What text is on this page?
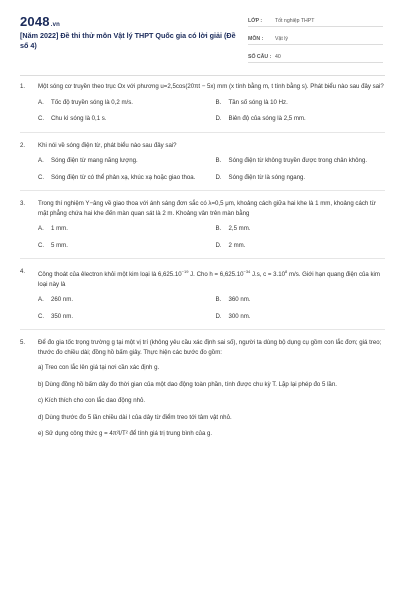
2048.vn
[Năm 2022] Đề thi thử môn Vật lý THPT Quốc gia có lời giải (Đề số 4)
LỚP :	Tốt nghiệp THPT
MÔN :	Vật lý
SỐ CÂU : 40
1.	Một sóng cơ truyền theo trục Ox với phương u=2,5cos(20πt − 5x) mm (x tính bằng m, t tính bằng s). Phát biểu nào sau đây sai?
A.	Tốc độ truyền sóng là 0,2 m/s.	B.	Tần số sóng là 10 Hz.
C.	Chu kì sóng là 0,1 s.	D.	Biên độ của sóng là 2,5 mm.
2.	Khi nói về sóng điện từ, phát biểu nào sau đây sai?
A.	Sóng điện từ mang năng lượng.	B.	Sóng điện từ không truyền được trong chân không.
C.	Sóng điện từ có thể phản xạ, khúc xạ hoặc giao thoa.	D.	Sóng điện từ là sóng ngang.
3.	Trong thí nghiệm Y−âng về giao thoa với ánh sáng đơn sắc có λ=0,5 μm, khoảng cách giữa hai khe là 1 mm, khoảng cách từ mặt phẳng chứa hai khe đến màn quan sát là 2 m. Khoảng vân trên màn bằng
A.	1 mm.	B.	2,5 mm.
C.	5 mm.	D.	2 mm.
4.	Công thoát của êlectron khỏi một kim loại là $6,625.10^{-19}$ J. Cho $h = 6,625.10^{-34}$ J.s, $c = 3.10^8$ m/s. Giới hạn quang điện của kim loại này là
A.	260 nm.	B.	360 nm.
C.	350 nm.	D.	300 nm.
5.	Để đo gia tốc trọng trường g tại một vị trí (không yêu cầu xác định sai số), người ta dùng bộ dụng cụ gồm con lắc đơn; giá treo; thước đo chiều dài; đồng hồ bấm giây. Thực hiện các bước đo gồm:
a) Treo con lắc lên giá tại nơi cần xác định g.
b) Dùng đồng hồ bấm dây đo thời gian của một dao động toàn phần, tính được chu kỳ T. Lặp lại phép đo 5 lần.
c) Kích thích cho con lắc dao động nhỏ.
d) Dùng thước đo 5 lần chiều dài l của dây từ điểm treo tới tâm vật nhỏ.
e) Sử dụng công thức g = 4π²l/T² để tính giá trị trung bình của g.
